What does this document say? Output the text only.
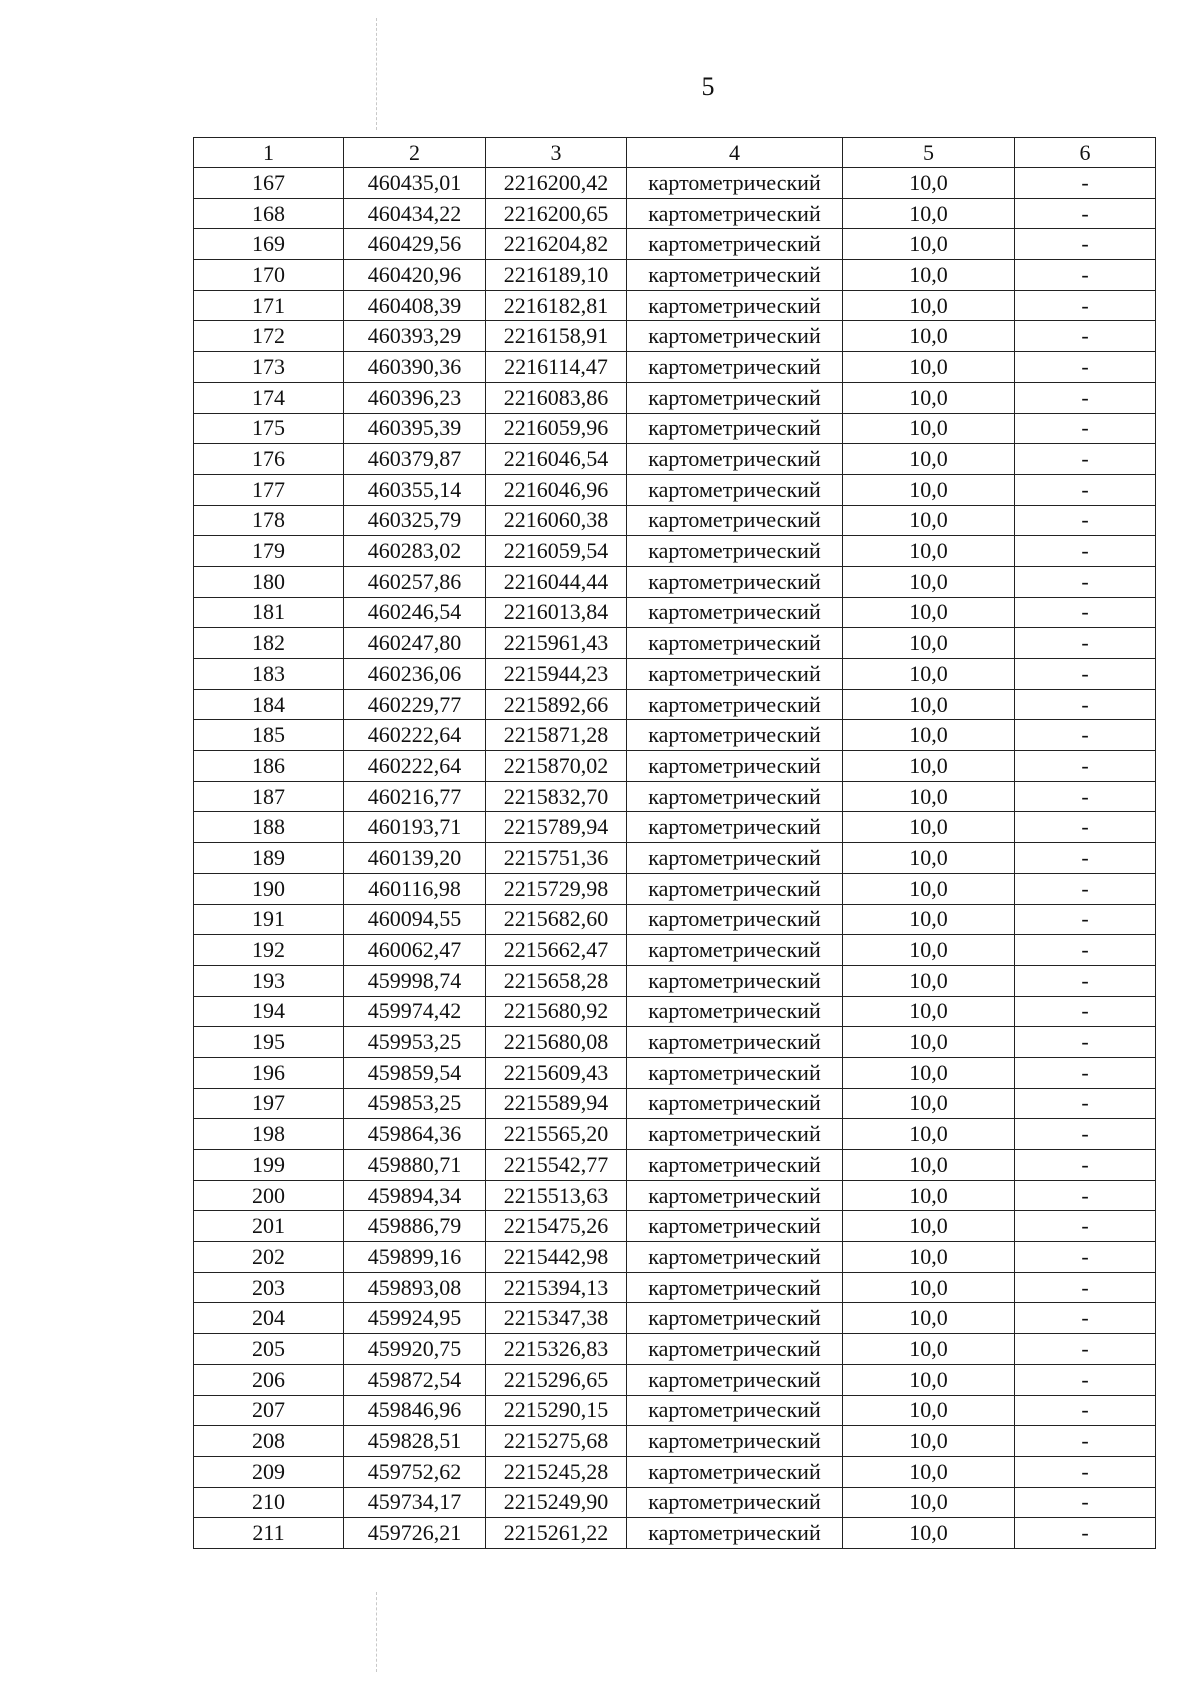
5
1	2	3	4	5	6
167	460435,01	2216200,42	картометрический	10,0	-
168	460434,22	2216200,65	картометрический	10,0	-
169	460429,56	2216204,82	картометрический	10,0	-
170	460420,96	2216189,10	картометрический	10,0	-
171	460408,39	2216182,81	картометрический	10,0	-
172	460393,29	2216158,91	картометрический	10,0	-
173	460390,36	2216114,47	картометрический	10,0	-
174	460396,23	2216083,86	картометрический	10,0	-
175	460395,39	2216059,96	картометрический	10,0	-
176	460379,87	2216046,54	картометрический	10,0	-
177	460355,14	2216046,96	картометрический	10,0	-
178	460325,79	2216060,38	картометрический	10,0	-
179	460283,02	2216059,54	картометрический	10,0	-
180	460257,86	2216044,44	картометрический	10,0	-
181	460246,54	2216013,84	картометрический	10,0	-
182	460247,80	2215961,43	картометрический	10,0	-
183	460236,06	2215944,23	картометрический	10,0	-
184	460229,77	2215892,66	картометрический	10,0	-
185	460222,64	2215871,28	картометрический	10,0	-
186	460222,64	2215870,02	картометрический	10,0	-
187	460216,77	2215832,70	картометрический	10,0	-
188	460193,71	2215789,94	картометрический	10,0	-
189	460139,20	2215751,36	картометрический	10,0	-
190	460116,98	2215729,98	картометрический	10,0	-
191	460094,55	2215682,60	картометрический	10,0	-
192	460062,47	2215662,47	картометрический	10,0	-
193	459998,74	2215658,28	картометрический	10,0	-
194	459974,42	2215680,92	картометрический	10,0	-
195	459953,25	2215680,08	картометрический	10,0	-
196	459859,54	2215609,43	картометрический	10,0	-
197	459853,25	2215589,94	картометрический	10,0	-
198	459864,36	2215565,20	картометрический	10,0	-
199	459880,71	2215542,77	картометрический	10,0	-
200	459894,34	2215513,63	картометрический	10,0	-
201	459886,79	2215475,26	картометрический	10,0	-
202	459899,16	2215442,98	картометрический	10,0	-
203	459893,08	2215394,13	картометрический	10,0	-
204	459924,95	2215347,38	картометрический	10,0	-
205	459920,75	2215326,83	картометрический	10,0	-
206	459872,54	2215296,65	картометрический	10,0	-
207	459846,96	2215290,15	картометрический	10,0	-
208	459828,51	2215275,68	картометрический	10,0	-
209	459752,62	2215245,28	картометрический	10,0	-
210	459734,17	2215249,90	картометрический	10,0	-
211	459726,21	2215261,22	картометрический	10,0	-
